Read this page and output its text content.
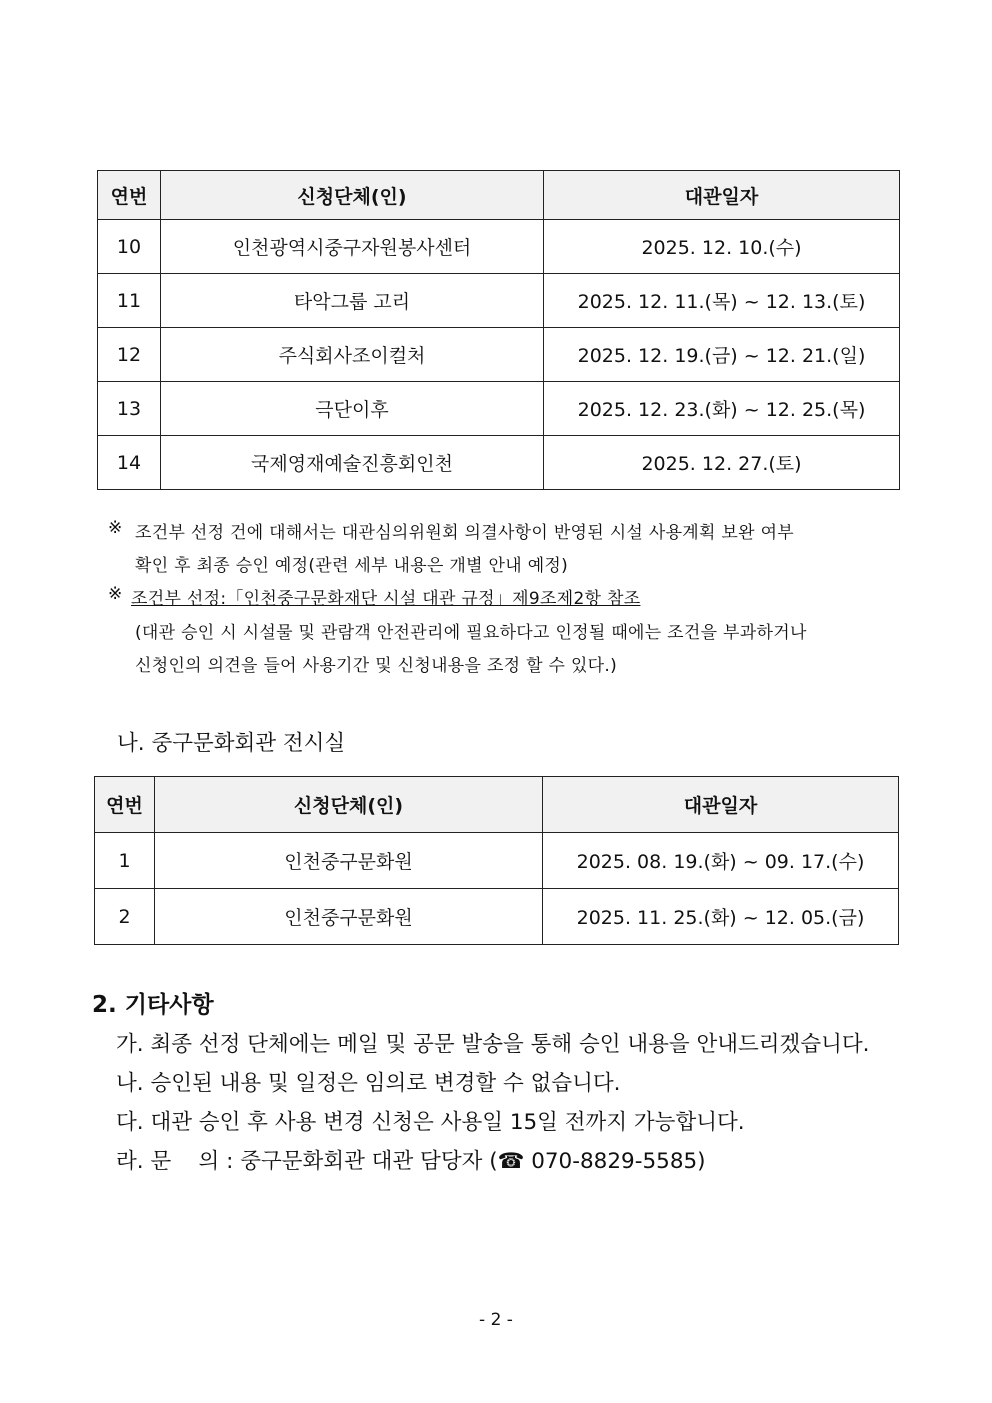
연번	신청단체(인)	대관일자
10	인천광역시중구자원봉사센터	2025. 12. 10.(수)
11	타악그룹 고리	2025. 12. 11.(목) ~ 12. 13.(토)
12	주식회사조이컬처	2025. 12. 19.(금) ~ 12. 21.(일)
13	극단이후	2025. 12. 23.(화) ~ 12. 25.(목)
14	국제영재예술진흥회인천	2025. 12. 27.(토)
※ 조건부 선정 건에 대해서는 대관심의위원회 의결사항이 반영된 시설 사용계획 보완 여부

확인 후 최종 승인 예정(관련 세부 내용은 개별 안내 예정)

※ 조건부 선정:「인천중구문화재단 시설 대관 규정」제9조제2항 참조

(대관 승인 시 시설물 및 관람객 안전관리에 필요하다고 인정될 때에는 조건을 부과하거나

신청인의 의견을 들어 사용기간 및 신청내용을 조정 할 수 있다.)

나. 중구문화회관 전시실

연번	신청단체(인)	대관일자
1	인천중구문화원	2025. 08. 19.(화) ~ 09. 17.(수)
2	인천중구문화원	2025. 11. 25.(화) ~ 12. 05.(금)

2. 기타사항

가. 최종 선정 단체에는 메일 및 공문 발송을 통해 승인 내용을 안내드리겠습니다.

나. 승인된 내용 및 일정은 임의로 변경할 수 없습니다.

다. 대관 승인 후 사용 변경 신청은 사용일 15일 전까지 가능합니다.

라. 문    의 : 중구문화회관 대관 담당자 (☎ 070-8829-5585)

- 2 -
